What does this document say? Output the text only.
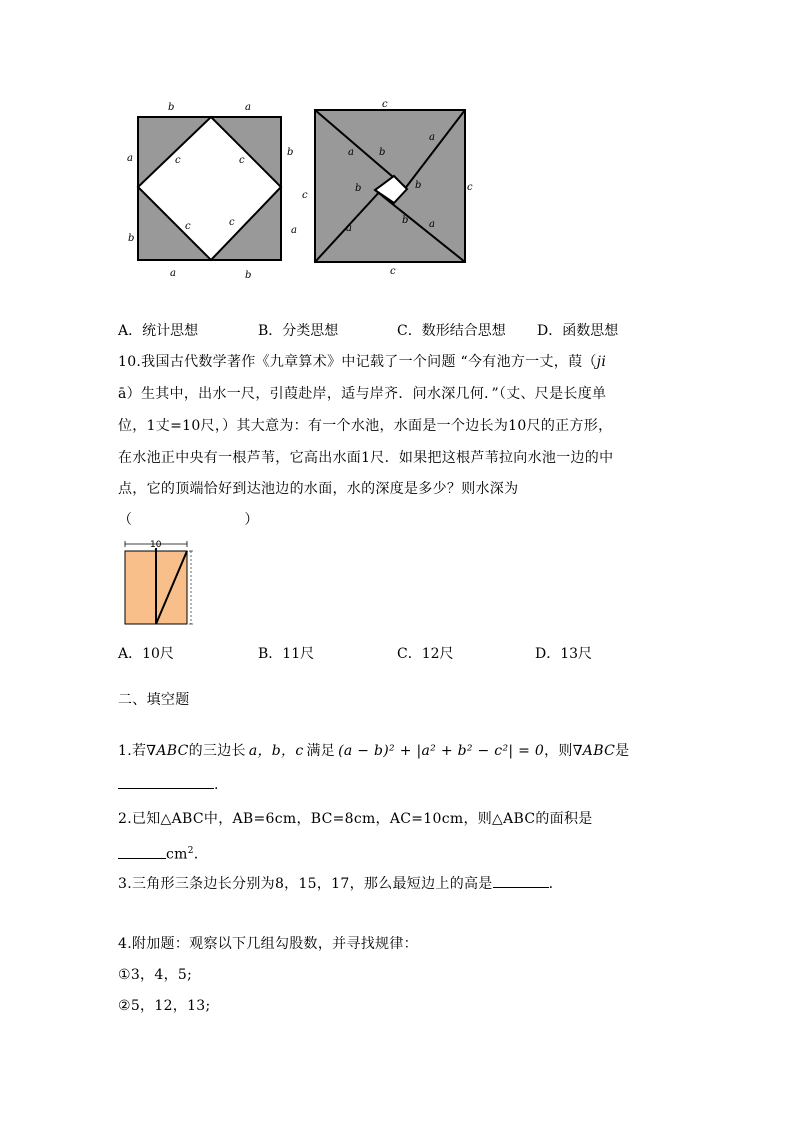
b	a
a
b
b
a
a	b
c	c
c	c
c
c
c
c
a	b
a
b
b
b
a	a
A．统计思想	B．分类思想	C．数形结合思想 D．函数思想
10.我国古代数学著作《九章算术》中记载了一个问题 “今有池方一丈，葭（ji
ā）生其中，出水一尺，引葭赴岸，适与岸齐．问水深几何．”（丈、尺是长度单
位，1丈=10尺，）其大意为：有一个水池，水面是一个边长为10尺的正方形，
在水池正中央有一根芦苇，它高出水面1尺．如果把这根芦苇拉向水池一边的中
点，它的顶端恰好到达池边的水面，水的深度是多少？则水深为
（	）
10
A．10尺	B．11尺	C．12尺	D．13尺
二、填空题
1.若∇ABC的三边长 a，b，c 满足 (a − b)² + |a² + b² − c²| = 0，则∇ABC是
.
2.已知△ABC中，AB=6cm，BC=8cm，AC=10cm，则△ABC的面积是
$cm^2$.
3.三角形三条边长分别为8，15，17，那么最短边上的高是	.
4.附加题：观察以下几组勾股数，并寻找规律：
①3，4，5;
②5，12，13;
